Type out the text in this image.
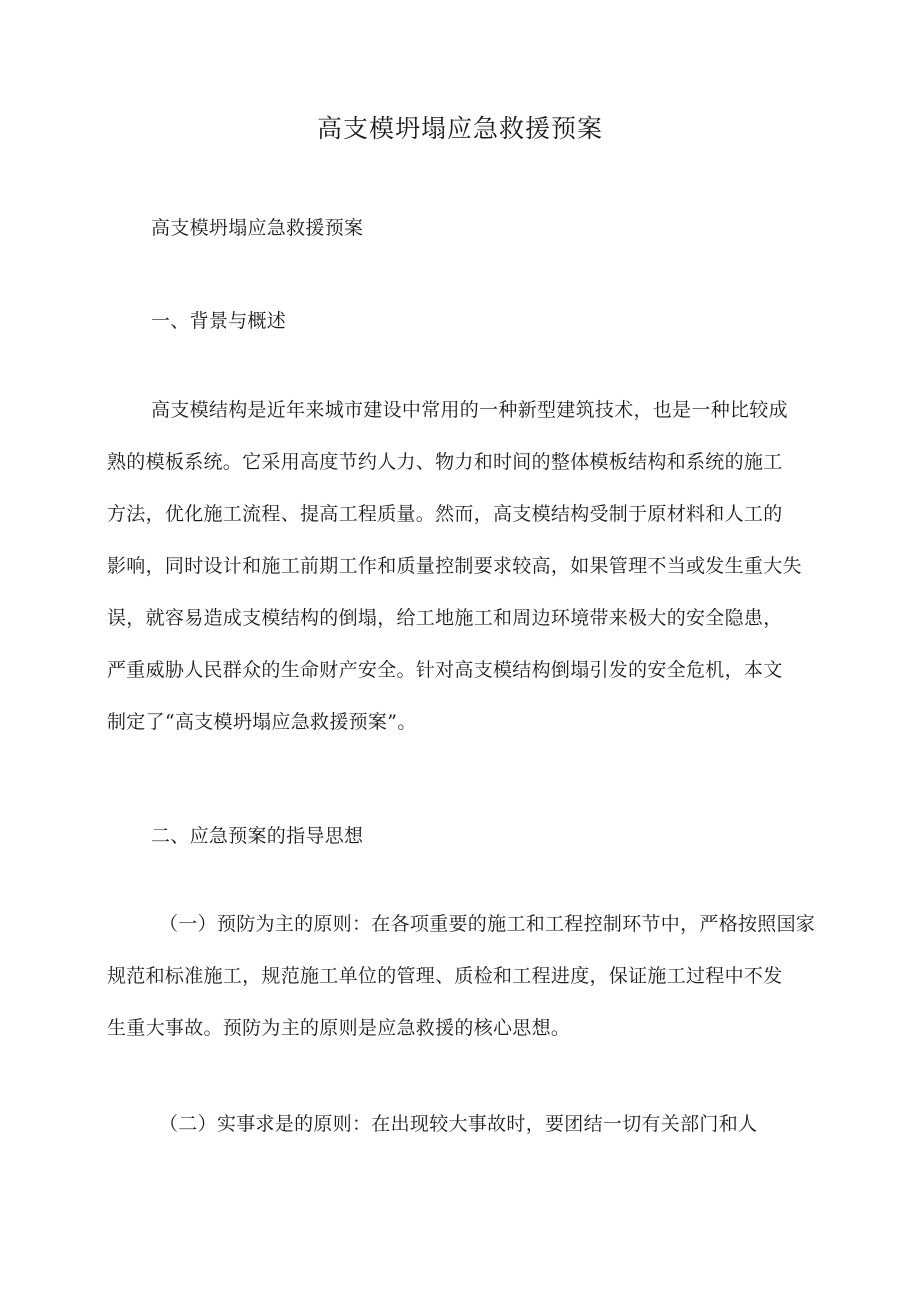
高支模坍塌应急救援预案
高支模坍塌应急救援预案
一、背景与概述
高支模结构是近年来城市建设中常用的一种新型建筑技术，也是一种比较成
熟的模板系统。它采用高度节约人力、物力和时间的整体模板结构和系统的施工
方法，优化施工流程、提高工程质量。然而，高支模结构受制于原材料和人工的
影响，同时设计和施工前期工作和质量控制要求较高，如果管理不当或发生重大失
误，就容易造成支模结构的倒塌，给工地施工和周边环境带来极大的安全隐患，
严重威胁人民群众的生命财产安全。针对高支模结构倒塌引发的安全危机，本文
制定了“高支模坍塌应急救援预案”。
二、应急预案的指导思想
（一）预防为主的原则：在各项重要的施工和工程控制环节中，严格按照国家
规范和标准施工，规范施工单位的管理、质检和工程进度，保证施工过程中不发
生重大事故。预防为主的原则是应急救援的核心思想。
（二）实事求是的原则：在出现较大事故时，要团结一切有关部门和人
